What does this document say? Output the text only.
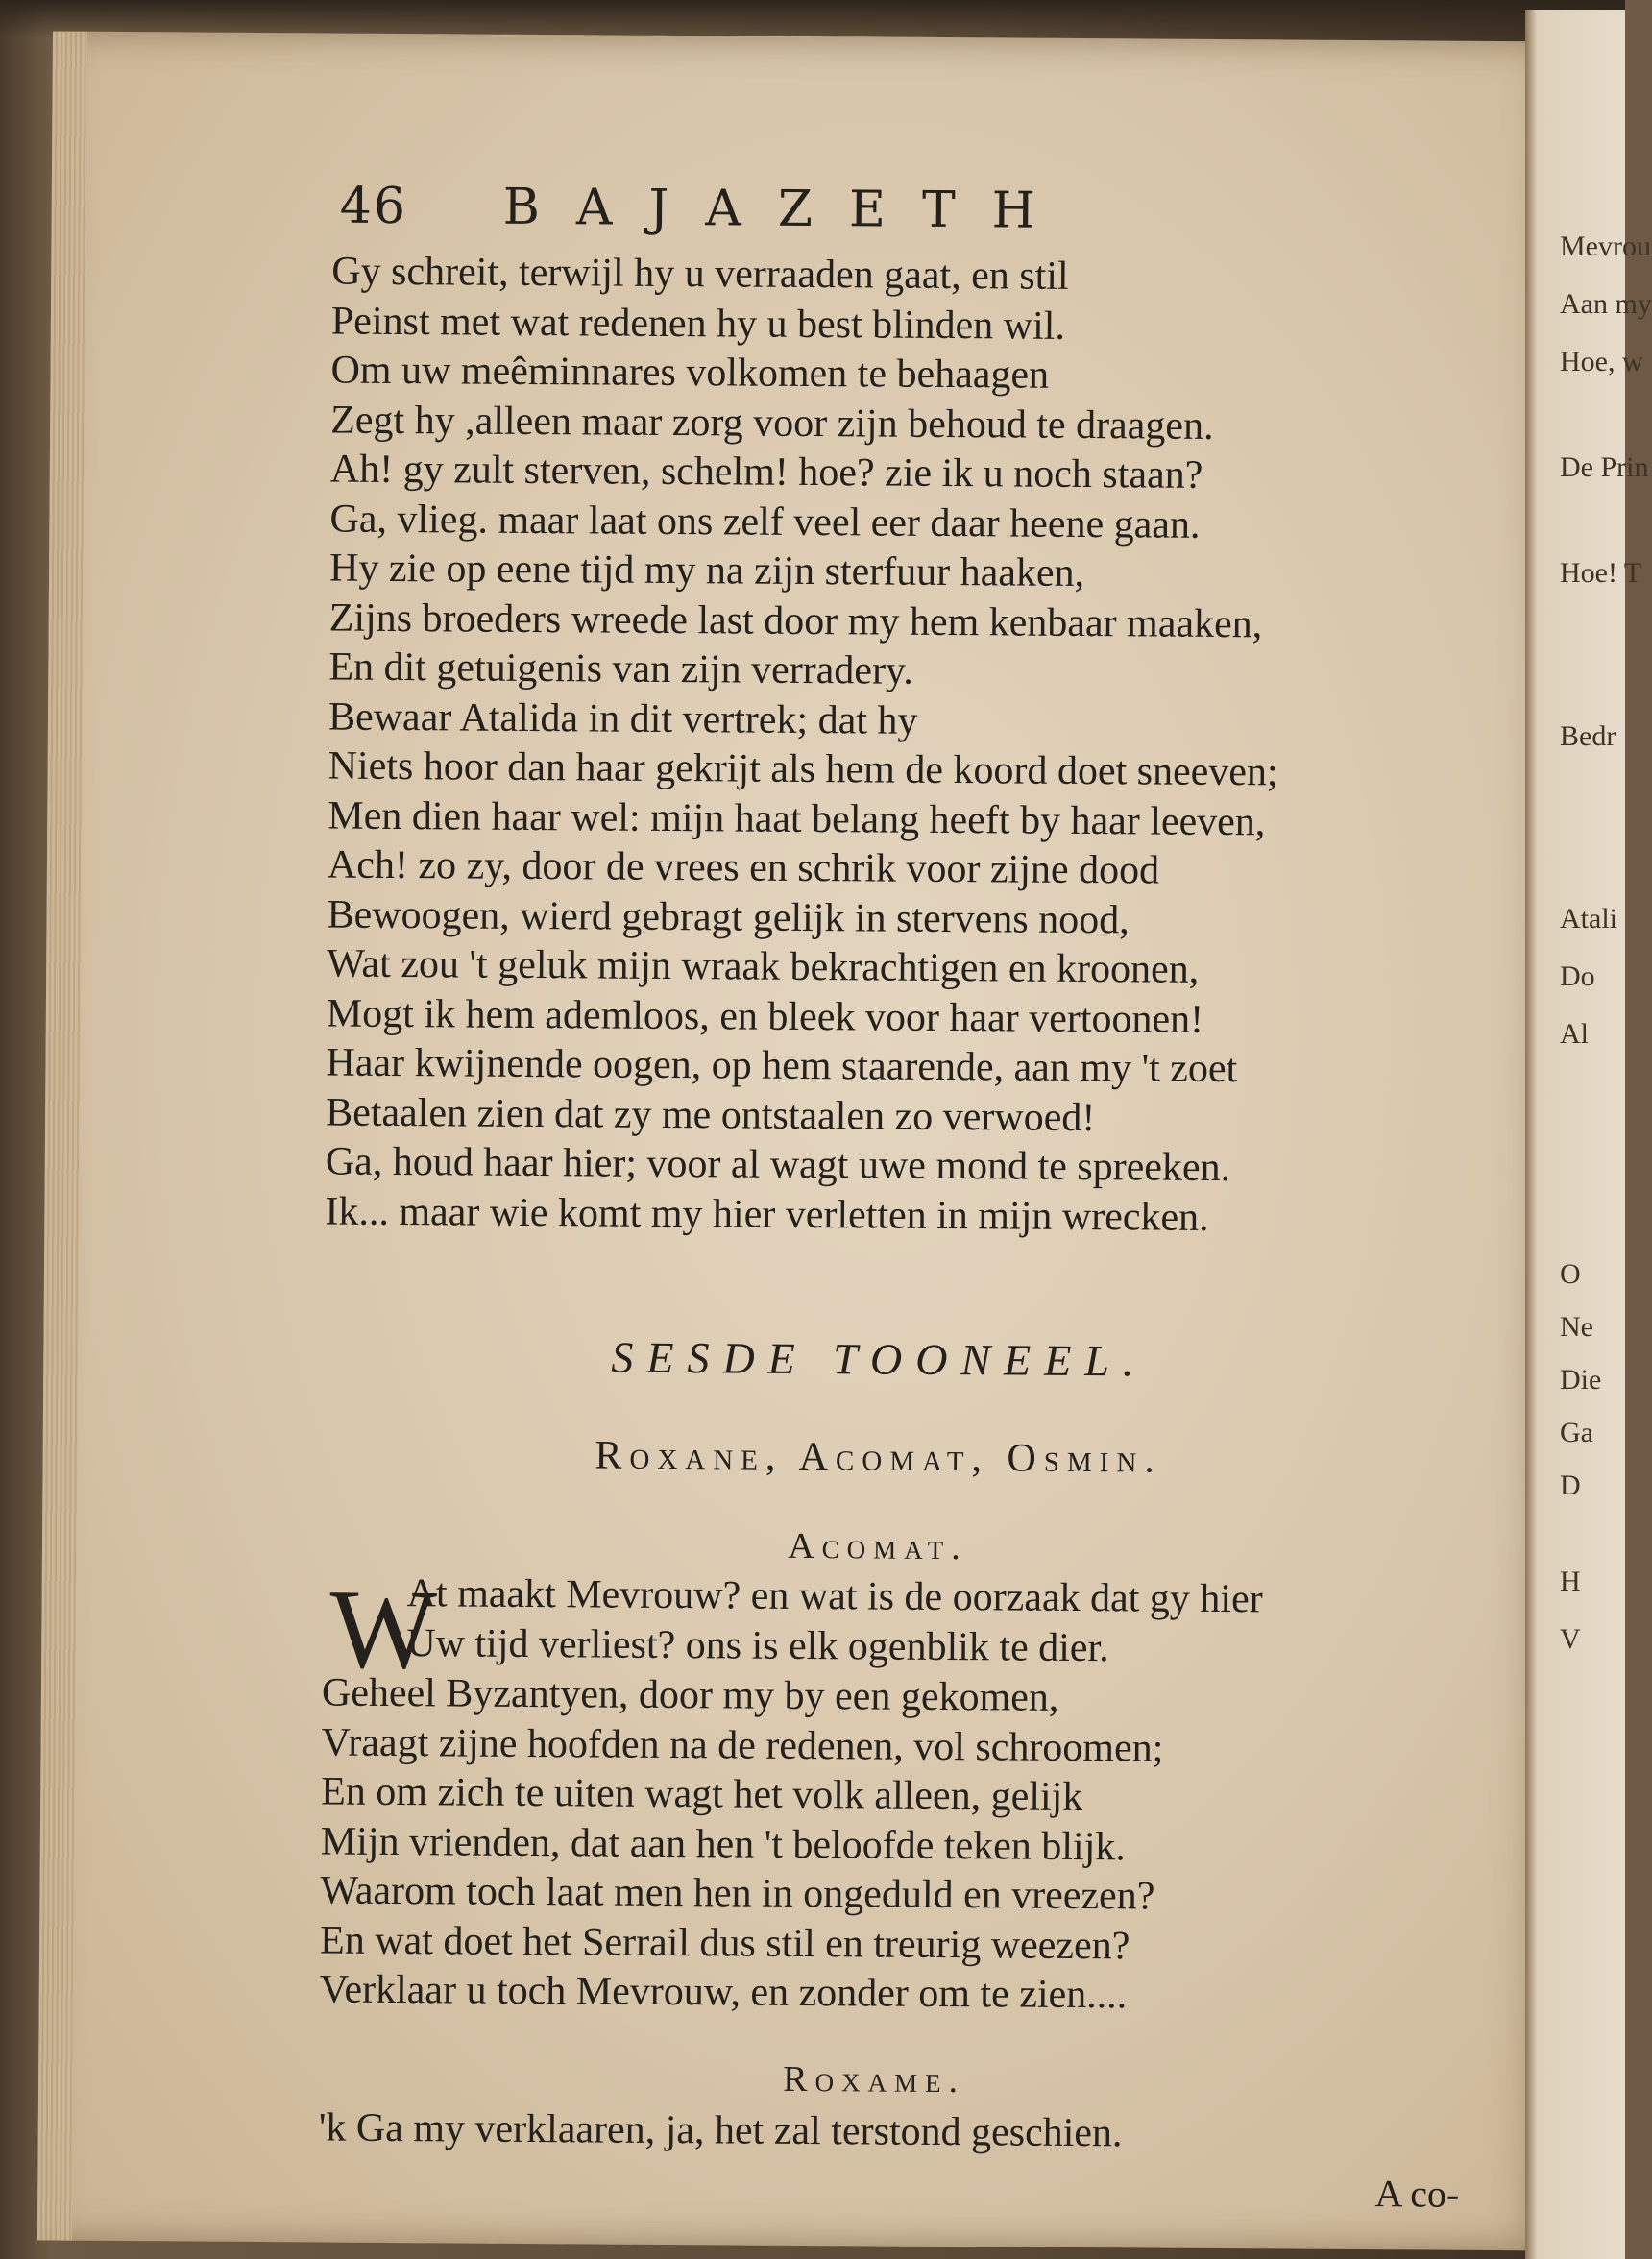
46 BAJAZETH
Gy schreit, terwijl hy u verraaden gaat, en stil
Peinst met wat redenen hy u best blinden wil.
Om uw meêminnares volkomen te behaagen
Zegt hy ,alleen maar zorg voor zijn behoud te draagen.
Ah! gy zult sterven, schelm! hoe? zie ik u noch staan?
Ga, vlieg. maar laat ons zelf veel eer daar heene gaan.
Hy zie op eene tijd my na zijn sterfuur haaken,
Zijns broeders wreede last door my hem kenbaar maaken,
En dit getuigenis van zijn verradery.
Bewaar Atalida in dit vertrek; dat hy
Niets hoor dan haar gekrijt als hem de koord doet sneeven;
Men dien haar wel: mijn haat belang heeft by haar leeven,
Ach! zo zy, door de vrees en schrik voor zijne dood
Bewoogen, wierd gebragt gelijk in stervens nood,
Wat zou 't geluk mijn wraak bekrachtigen en kroonen,
Mogt ik hem ademloos, en bleek voor haar vertoonen!
Haar kwijnende oogen, op hem staarende, aan my 't zoet
Betaalen zien dat zy me ontstaalen zo verwoed!
Ga, houd haar hier; voor al wagt uwe mond te spreeken.
Ik... maar wie komt my hier verletten in mijn wrecken.
SESDE TOONEEL.
Roxane, Acomat, Osmin.
Acomat.
W
At maakt Mevrouw? en wat is de oorzaak dat gy hier
Uw tijd verliest? ons is elk ogenblik te dier.
Geheel Byzantyen, door my by een gekomen,
Vraagt zijne hoofden na de redenen, vol schroomen;
En om zich te uiten wagt het volk alleen, gelijk
Mijn vrienden, dat aan hen 't beloofde teken blijk.
Waarom toch laat men hen in ongeduld en vreezen?
En wat doet het Serrail dus stil en treurig weezen?
Verklaar u toch Mevrouw, en zonder om te zien....
Roxame.
'k Ga my verklaaren, ja, het zal terstond geschien.
A co-
Mevrou
Aan my
Hoe, w
De Prin
Hoe! T
Bedr
Atali
Do
Al
O
Ne
Die
Ga
D
H
V
